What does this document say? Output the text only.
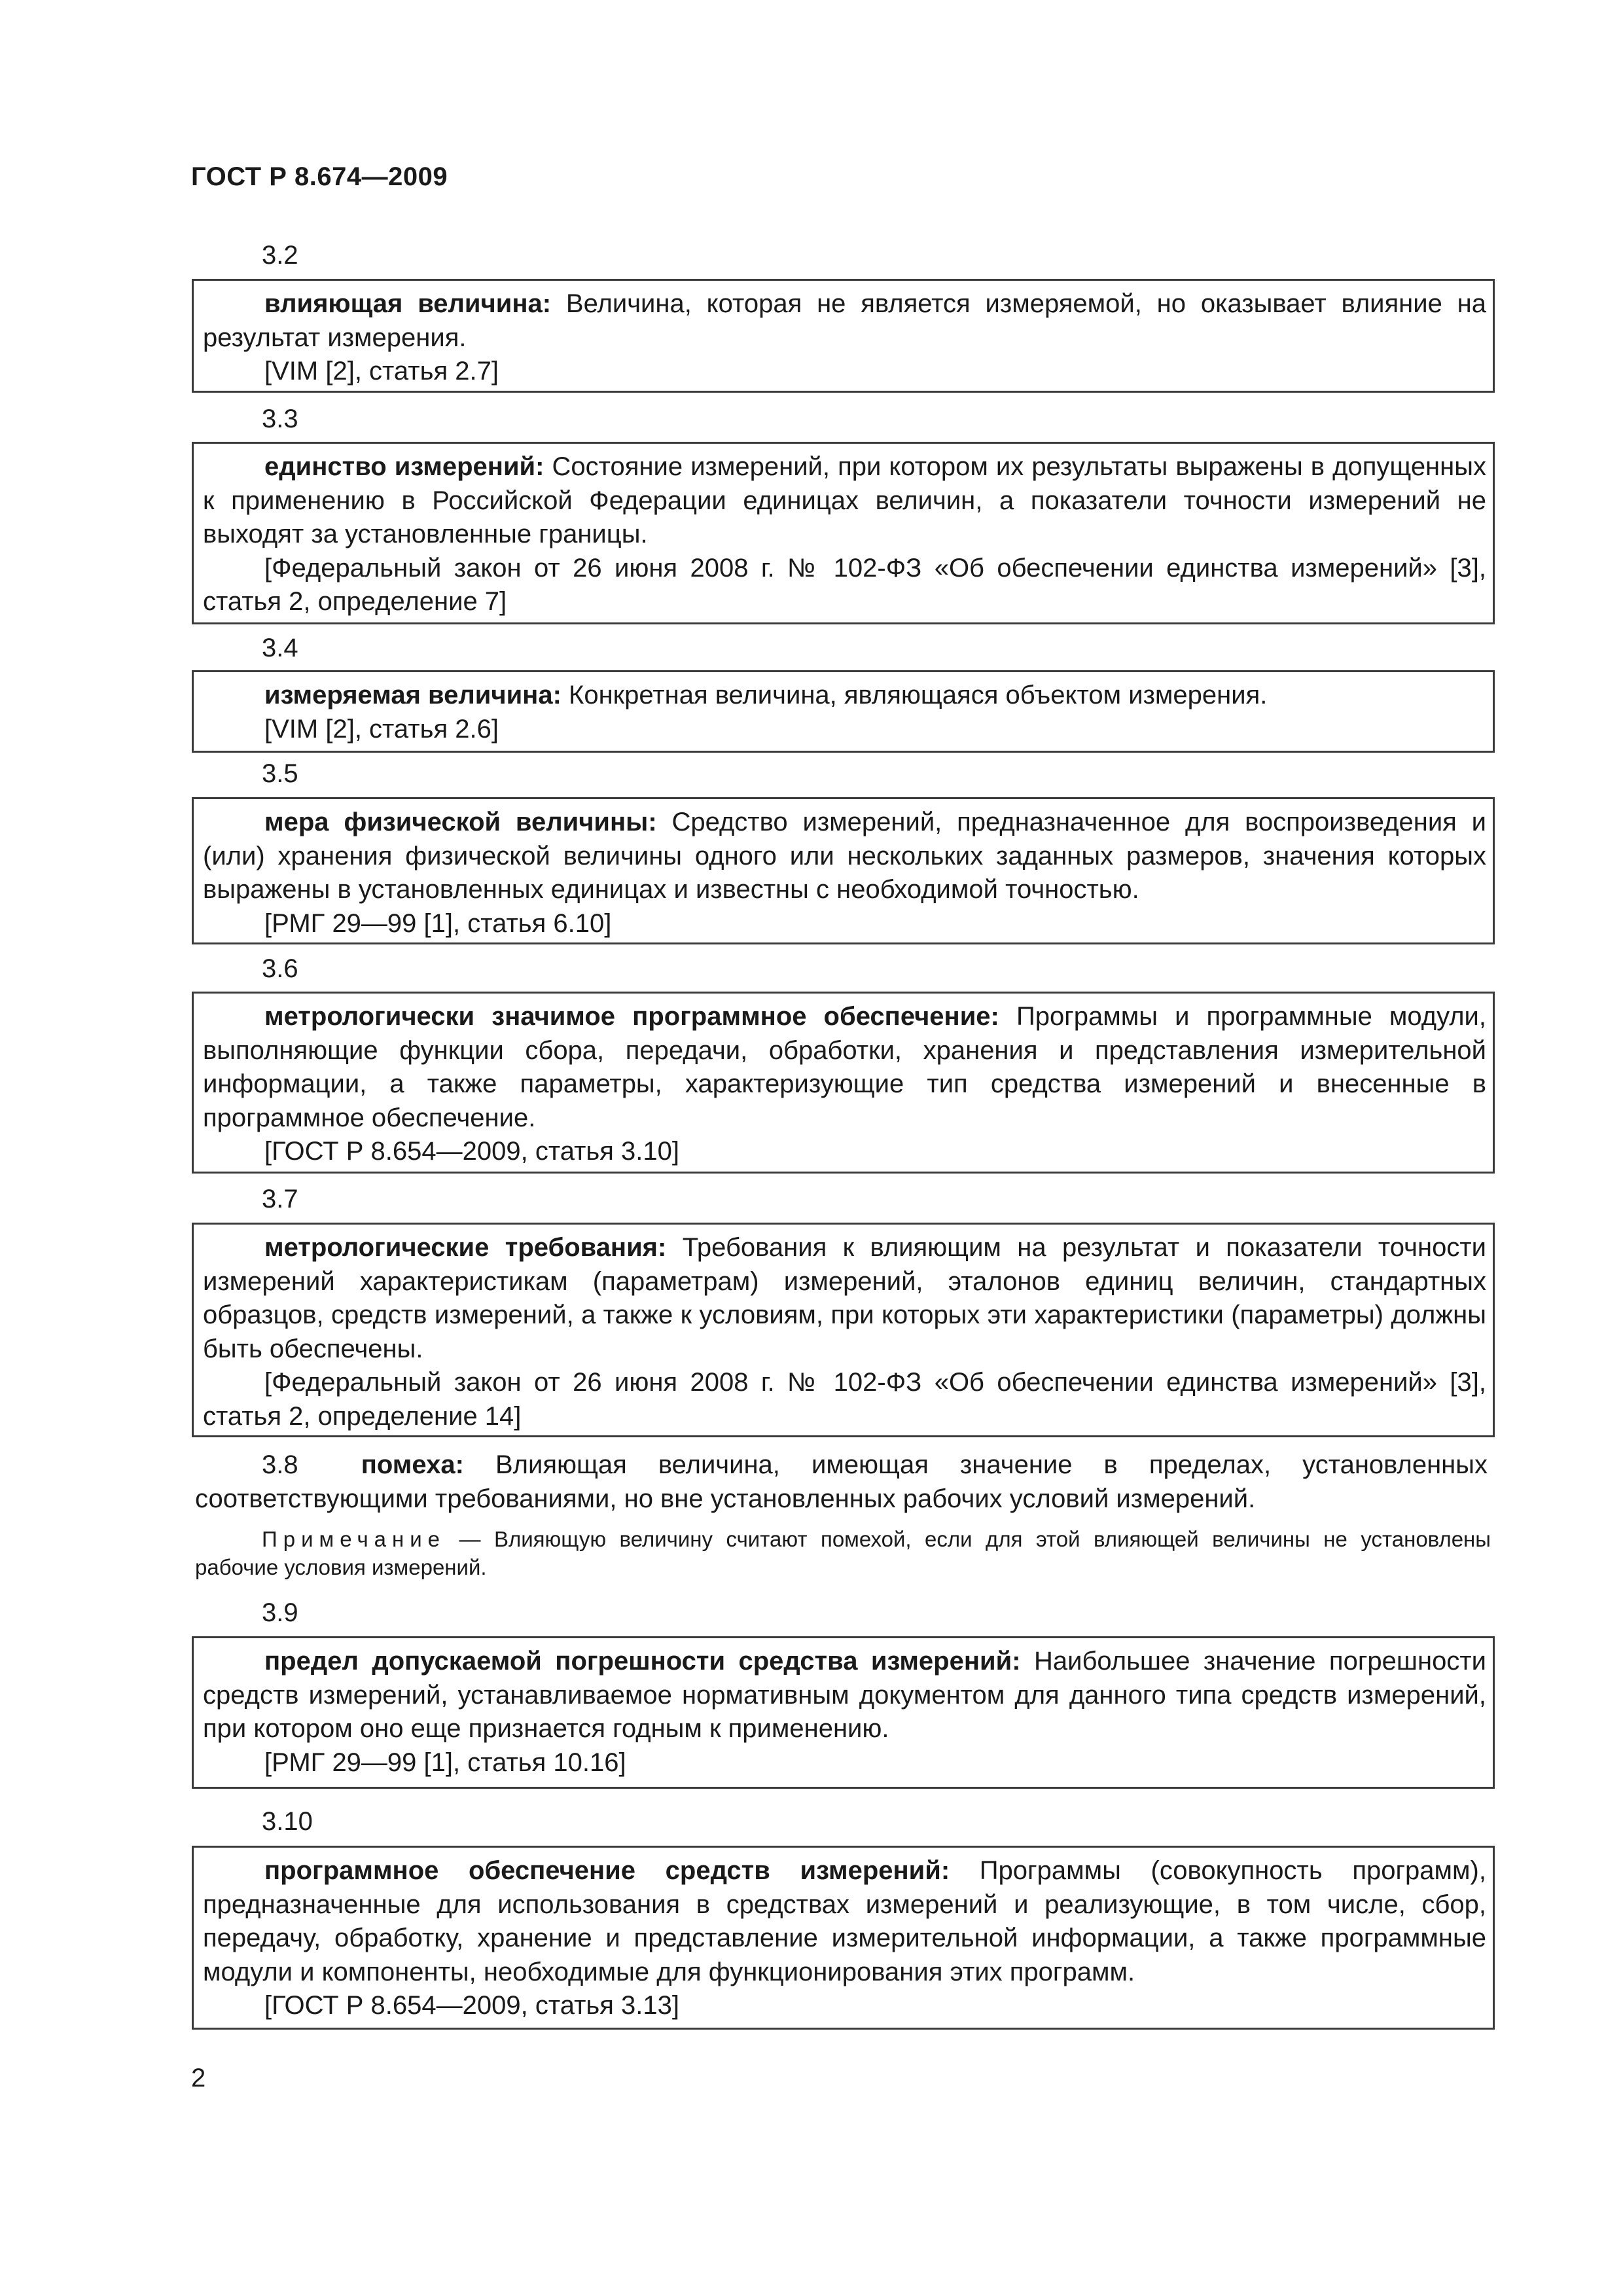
ГОСТ Р 8.674—2009
3.2

влияющая величина: Величина, которая не является измеряемой, но оказывает влияние на результат измерения.

[VIM [2], статья 2.7]

3.3

единство измерений: Состояние измерений, при котором их результаты выражены в допущенных к применению в Российской Федерации единицах величин, а показатели точности измерений не выходят за установленные границы.

[Федеральный закон от 26 июня 2008 г. № 102-ФЗ «Об обеспечении единства измерений» [3], статья 2, определение 7]

3.4

измеряемая величина: Конкретная величина, являющаяся объектом измерения.

[VIM [2], статья 2.6]

3.5

мера физической величины: Средство измерений, предназначенное для воспроизведения и (или) хранения физической величины одного или нескольких заданных размеров, значения которых выражены в установленных единицах и известны с необходимой точностью.

[РМГ 29—99 [1], статья 6.10]

3.6

метрологически значимое программное обеспечение: Программы и программные модули, выполняющие функции сбора, передачи, обработки, хранения и представления измерительной информации, а также параметры, характеризующие тип средства измерений и внесенные в программное обеспечение.

[ГОСТ Р 8.654—2009, статья 3.10]

3.7

метрологические требования: Требования к влияющим на результат и показатели точности измерений характеристикам (параметрам) измерений, эталонов единиц величин, стандартных образцов, средств измерений, а также к условиям, при которых эти характеристики (параметры) должны быть обеспечены.

[Федеральный закон от 26 июня 2008 г. № 102-ФЗ «Об обеспечении единства измерений» [3], статья 2, определение 14]

3.8 помеха: Влияющая величина, имеющая значение в пределах, установленных соответствующими требованиями, но вне установленных рабочих условий измерений.
Примечание — Влияющую величину считают помехой, если для этой влияющей величины не установлены рабочие условия измерений.
3.9

предел допускаемой погрешности средства измерений: Наибольшее значение погрешности средств измерений, устанавливаемое нормативным документом для данного типа средств измерений, при котором оно еще признается годным к применению.

[РМГ 29—99 [1], статья 10.16]

3.10

программное обеспечение средств измерений: Программы (совокупность программ), предназначенные для использования в средствах измерений и реализующие, в том числе, сбор, передачу, обработку, хранение и представление измерительной информации, а также программные модули и компоненты, необходимые для функционирования этих программ.

[ГОСТ Р 8.654—2009, статья 3.13]

2
